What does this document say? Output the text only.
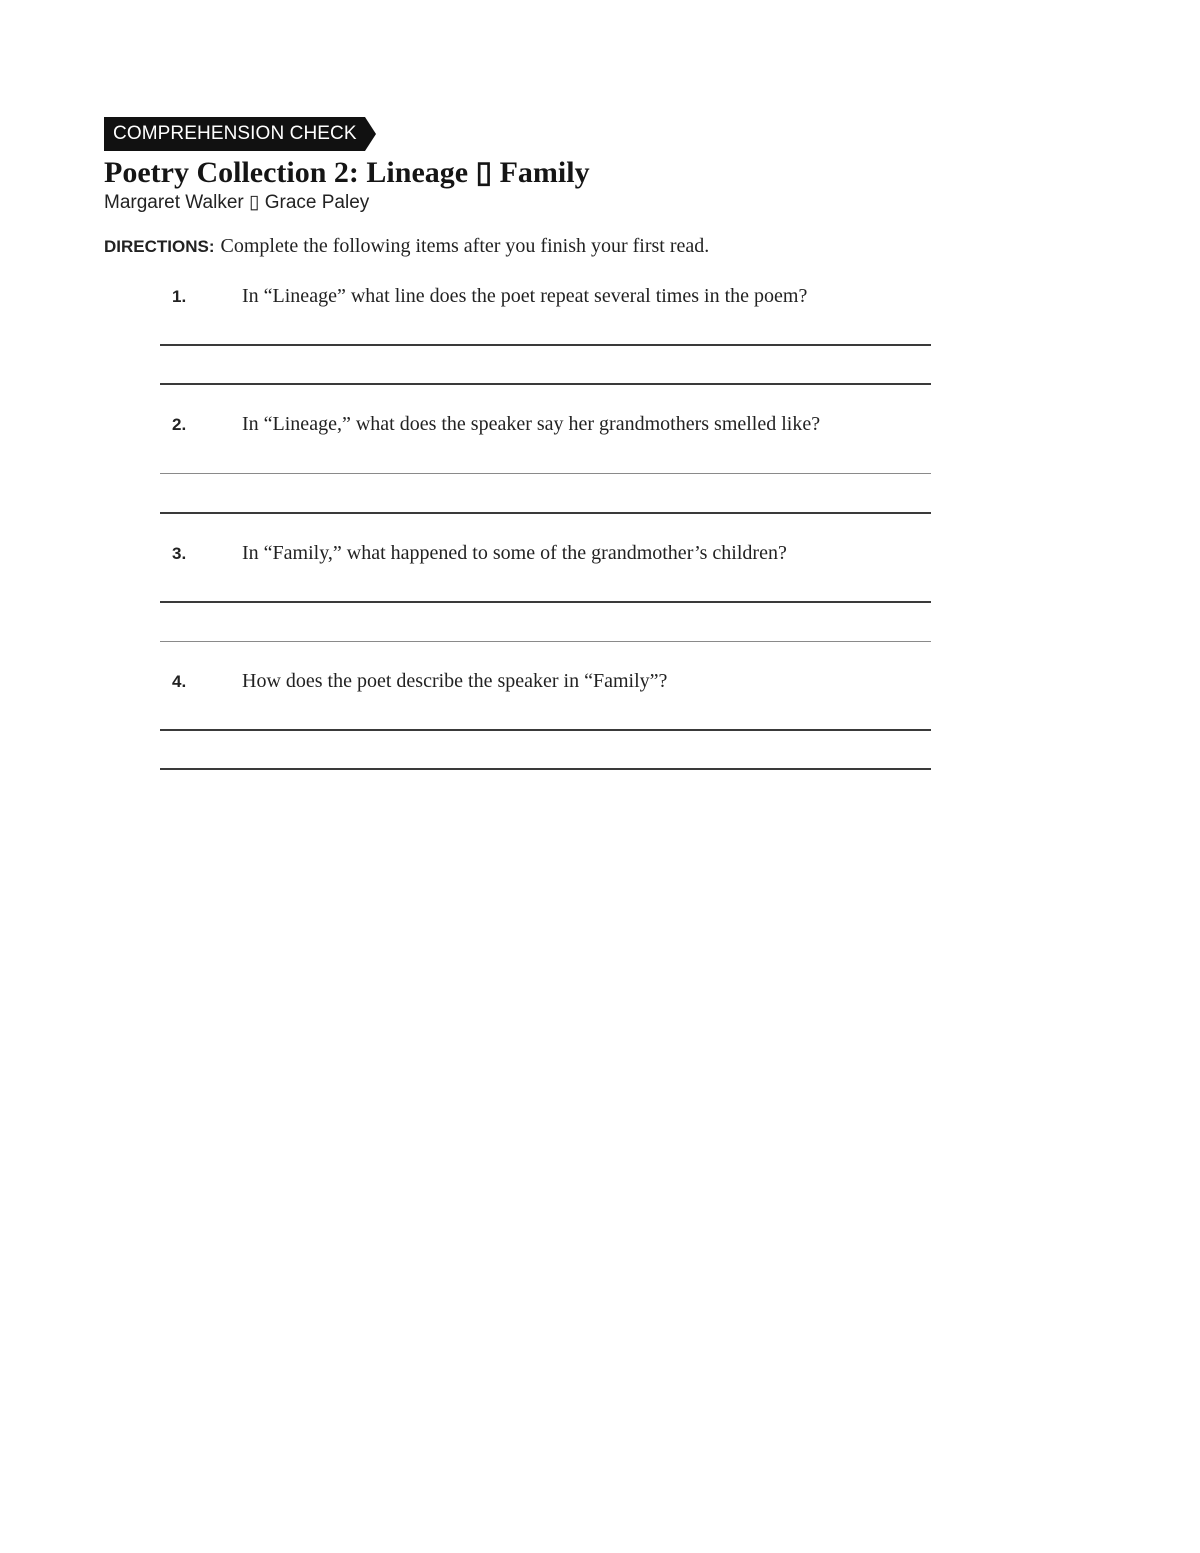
COMPREHENSION CHECK
Poetry Collection 2: Lineage ▯ Family
Margaret Walker ▯ Grace Paley
DIRECTIONS: Complete the following items after you finish your first read.
1.	In “Lineage” what line does the poet repeat several times in the poem?
2.	In “Lineage,” what does the speaker say her grandmothers smelled like?
3.	In “Family,” what happened to some of the grandmother’s children?
4.	How does the poet describe the speaker in “Family”?
